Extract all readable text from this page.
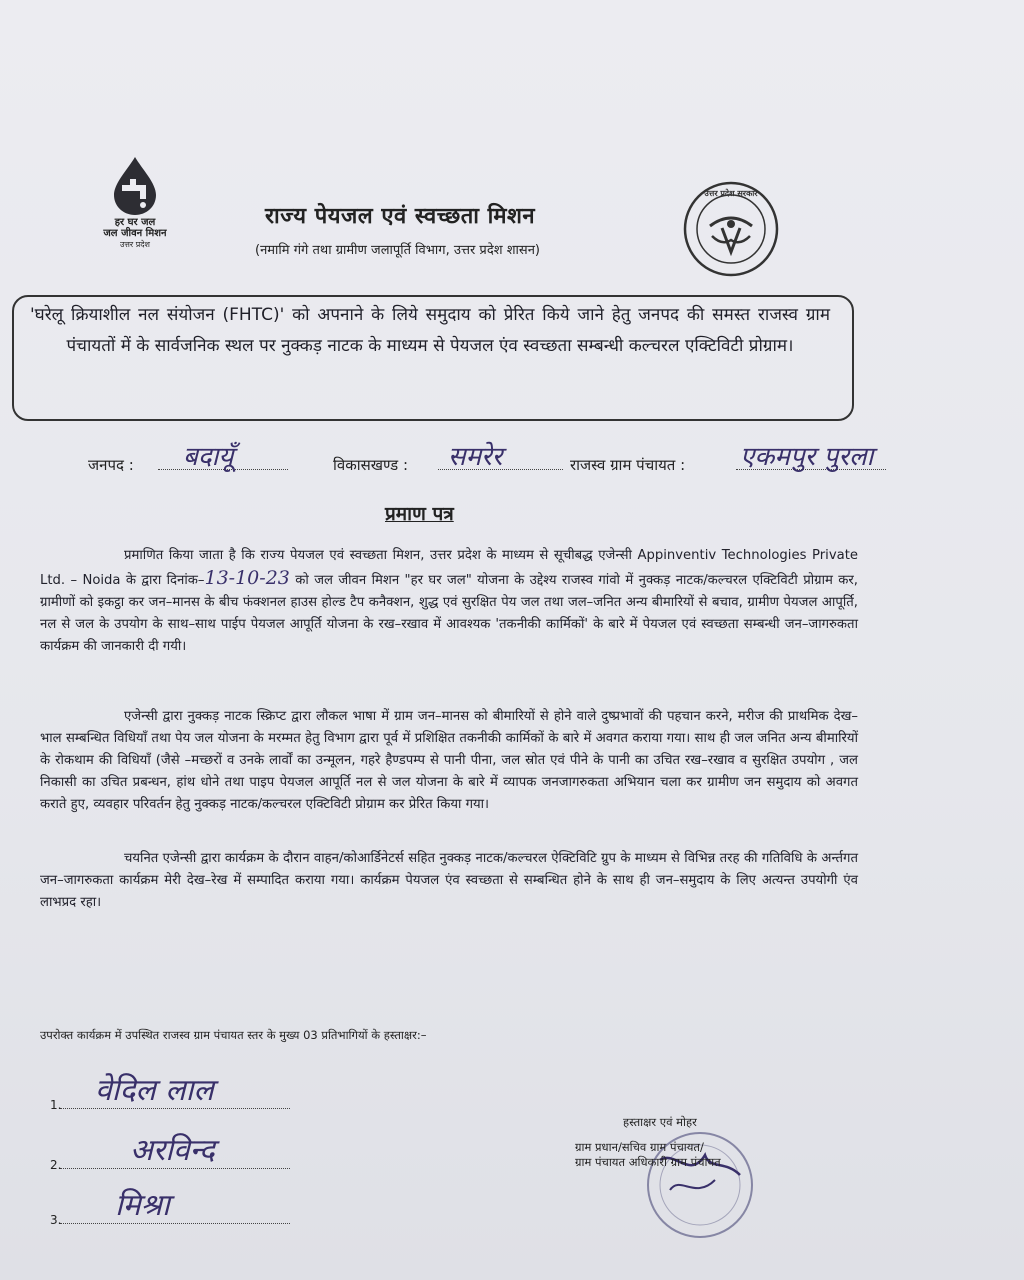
हर घर जल
जल जीवन मिशन
उत्तर प्रदेश
उत्तर प्रदेश सरकार
राज्य पेयजल एवं स्वच्छता मिशन
(नमामि गंगे तथा ग्रामीण जलापूर्ति विभाग, उत्तर प्रदेश शासन)
'घरेलू क्रियाशील नल संयोजन (FHTC)' को अपनाने के लिये समुदाय को प्रेरित किये जाने हेतु जनपद की समस्त राजस्व ग्राम पंचायतों में के सार्वजनिक स्थल पर नुक्कड़ नाटक के माध्यम से पेयजल एंव स्वच्छता सम्बन्धी कल्चरल एक्टिविटी प्रोग्राम।
जनपद : बदायूँ	विकासखण्ड : समरेर	राजस्व ग्राम पंचायत : एकमपुर पुरला
प्रमाण पत्र
प्रमाणित किया जाता है कि राज्य पेयजल एवं स्वच्छता मिशन, उत्तर प्रदेश के माध्यम से सूचीबद्ध एजेन्सी Appinventiv Technologies Private Ltd. – Noida के द्वारा दिनांक–13-10-23 को जल जीवन मिशन "हर घर जल" योजना के उद्देश्य राजस्व गांवो में नुक्कड़ नाटक/कल्चरल एक्टिविटी प्रोग्राम कर, ग्रामीणों को इकट्ठा कर जन–मानस के बीच फंक्शनल हाउस होल्ड टैप कनैक्शन, शुद्ध एवं सुरक्षित पेय जल तथा जल–जनित अन्य बीमारियों से बचाव, ग्रामीण पेयजल आपूर्ति, नल से जल के उपयोग के साथ–साथ पाईप पेयजल आपूर्ति योजना के रख–रखाव में आवश्यक 'तकनीकी कार्मिकों' के बारे में पेयजल एवं स्वच्छता सम्बन्धी जन–जागरुकता कार्यक्रम की जानकारी दी गयी।
एजेन्सी द्वारा नुक्कड़ नाटक स्क्रिप्ट द्वारा लौकल भाषा में ग्राम जन–मानस को बीमारियों से होने वाले दुष्प्रभावों की पहचान करने, मरीज की प्राथमिक देख–भाल सम्बन्धित विधियाँ तथा पेय जल योजना के मरम्मत हेतु विभाग द्वारा पूर्व में प्रशिक्षित तकनीकी कार्मिकों के बारे में अवगत कराया गया। साथ ही जल जनित अन्य बीमारियों के रोकथाम की विधियाँ (जैसे –मच्छरों व उनके लार्वों का उन्मूलन, गहरे हैण्डपम्प से पानी पीना, जल स्रोत एवं पीने के पानी का उचित रख–रखाव व सुरक्षित उपयोग , जल निकासी का उचित प्रबन्धन, हांथ धोने तथा पाइप पेयजल आपूर्ति नल से जल योजना के बारे में व्यापक जनजागरुकता अभियान चला कर ग्रामीण जन समुदाय को अवगत कराते हुए, व्यवहार परिवर्तन हेतु नुक्कड़ नाटक/कल्चरल एक्टिविटी प्रोग्राम कर प्रेरित किया गया।
चयनित एजेन्सी द्वारा कार्यक्रम के दौरान वाहन/कोआर्डिनेटर्स सहित नुक्कड़ नाटक/कल्चरल ऐक्टिविटि ग्रुप के माध्यम से विभिन्न तरह की गतिविधि के अर्न्तगत जन–जागरुकता कार्यक्रम मेरी देख–रेख में सम्पादित कराया गया। कार्यक्रम पेयजल एंव स्वच्छता से सम्बन्धित होने के साथ ही जन–समुदाय के लिए अत्यन्त उपयोगी एंव लाभप्रद रहा।
उपरोक्त कार्यक्रम में उपस्थित राजस्व ग्राम पंचायत स्तर के मुख्य 03 प्रतिभागियों के हस्ताक्षर:–
1. वेदिल लाल
2. अरविन्द
3. मिश्रा
हस्ताक्षर एवं मोहर
ग्राम प्रधान/सचिव ग्राम पंचायत/
ग्राम पंचायत अधिकारी ग्राम पंचायत
